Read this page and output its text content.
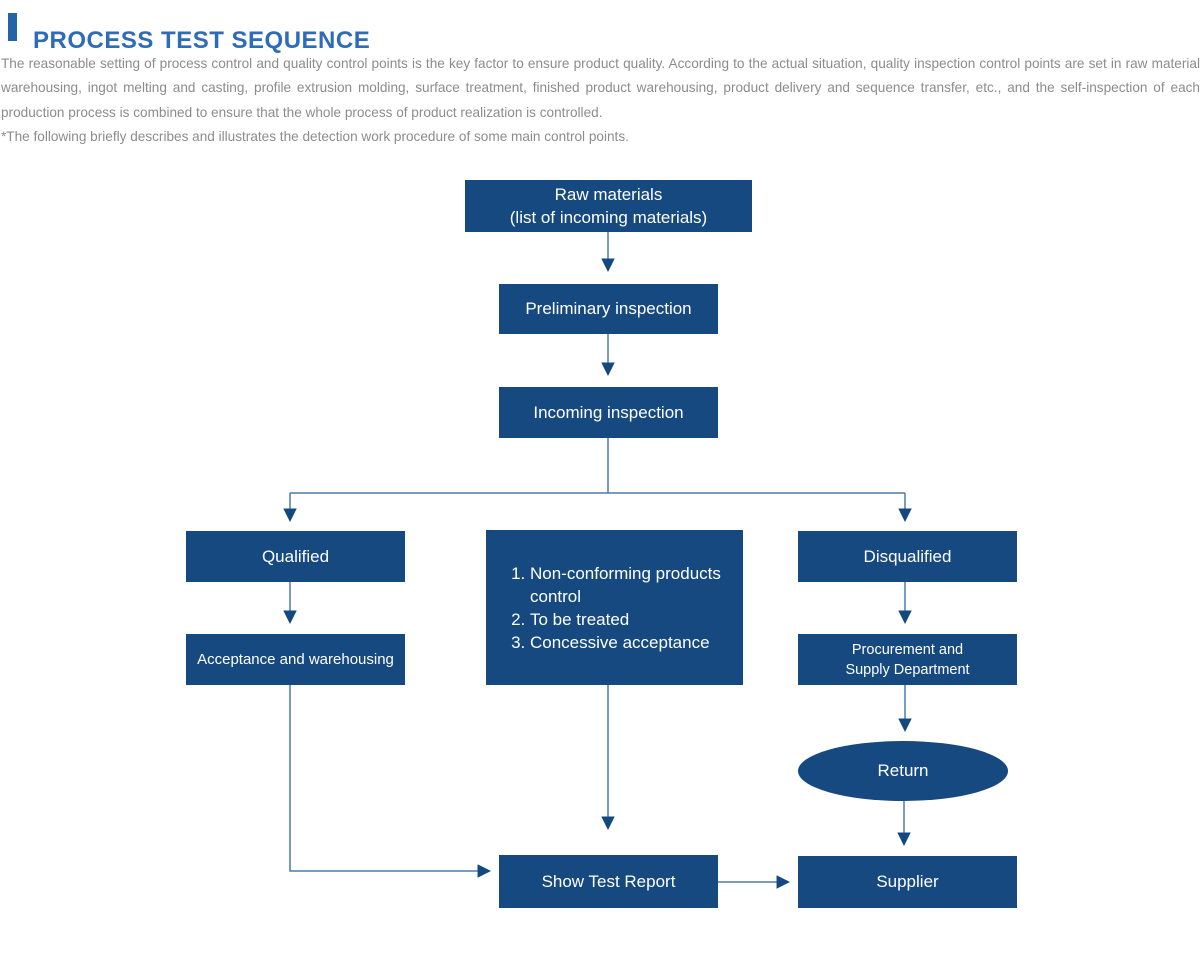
PROCESS TEST SEQUENCE

The reasonable setting of process control and quality control points is the key factor to ensure product quality. According to the actual situation, quality inspection control points are set in raw material warehousing, ingot melting and casting, profile extrusion molding, surface treatment, finished product warehousing, product delivery and sequence transfer, etc., and the self-inspection of each production process is combined to ensure that the whole process of product realization is controlled.

*The following briefly describes and illustrates the detection work procedure of some main control points.

Raw materials
(list of incoming materials)
Preliminary inspection
Incoming inspection
Qualified
1. Non-conforming products control
2. To be treated
3. Concessive acceptance
Disqualified
Acceptance and warehousing
Procurement and
Supply Department
Return
Show Test Report	Supplier
